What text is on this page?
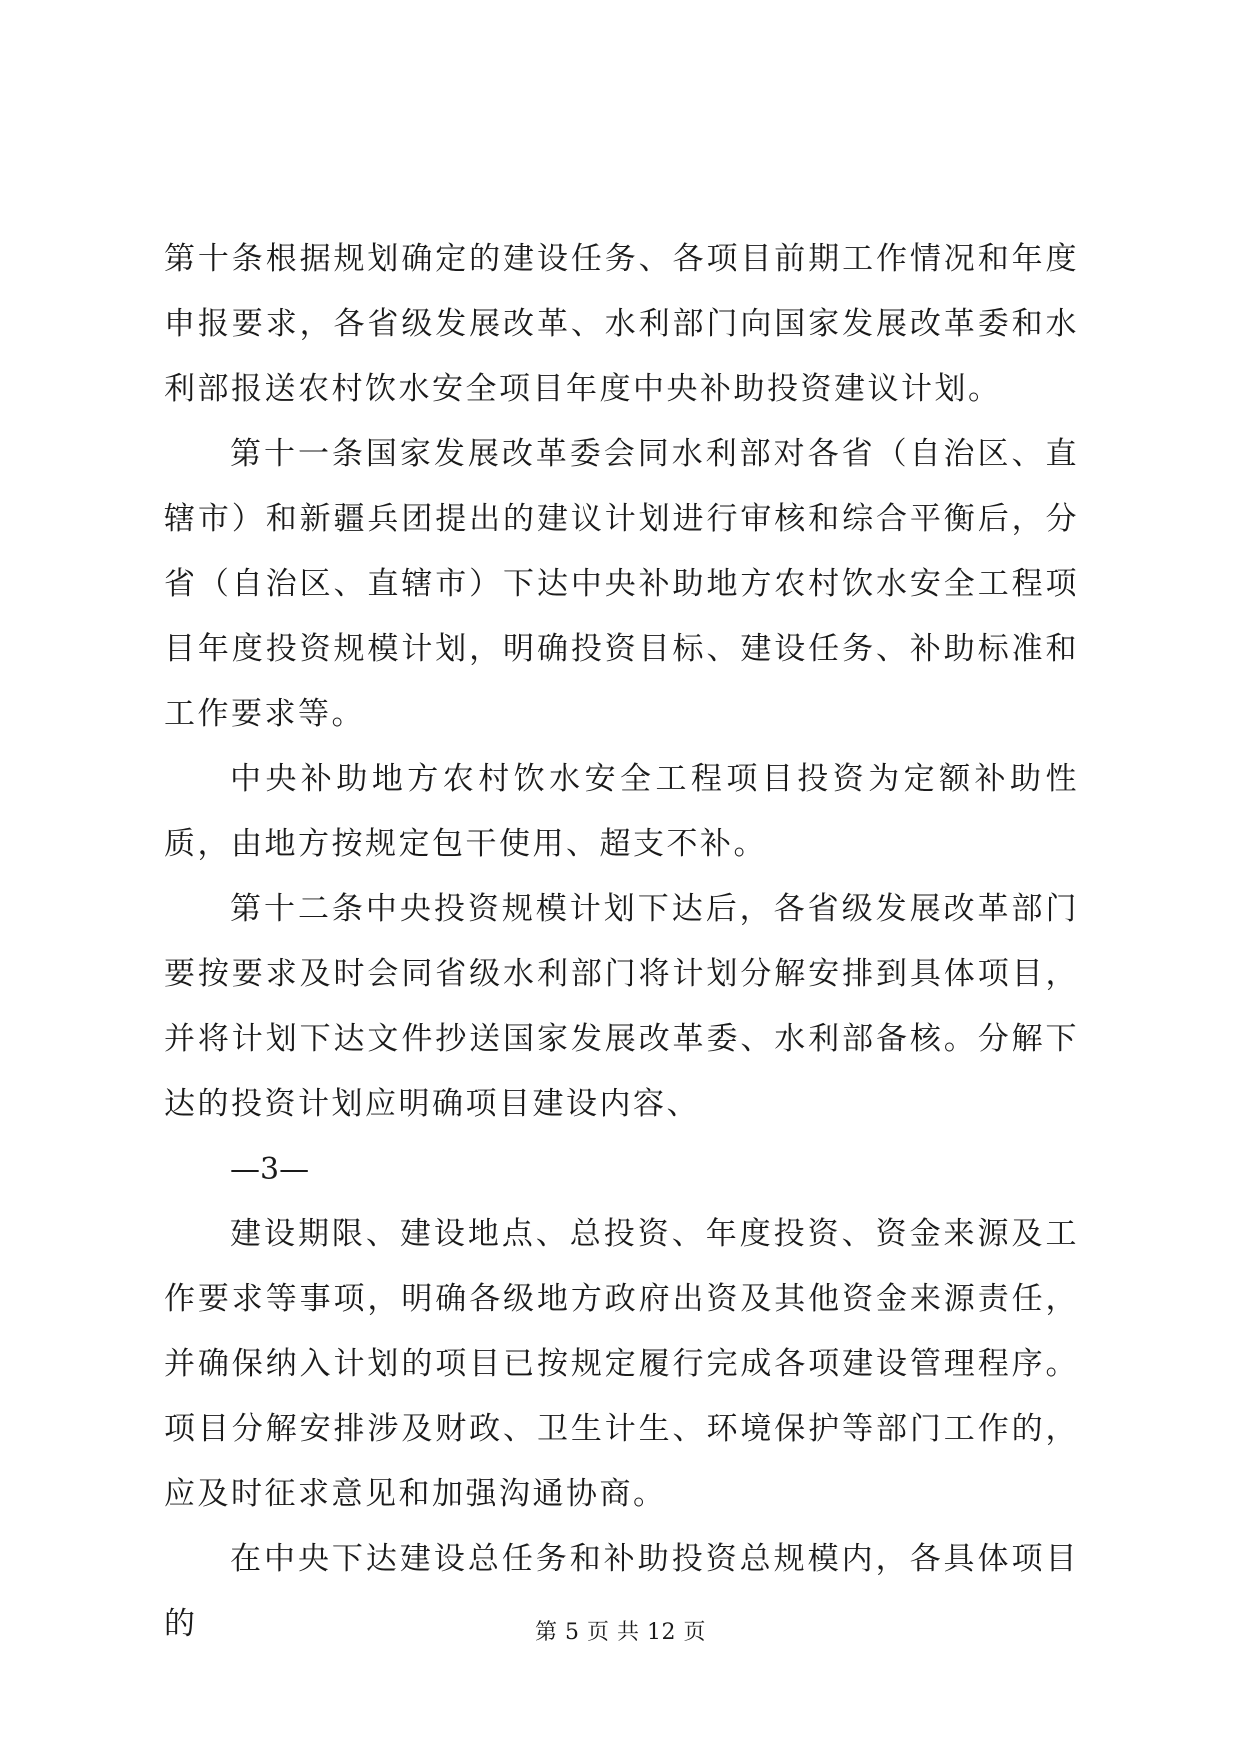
第十条根据规划确定的建设任务、各项目前期工作情况和年度申报要求，各省级发展改革、水利部门向国家发展改革委和水利部报送农村饮水安全项目年度中央补助投资建议计划。

第十一条国家发展改革委会同水利部对各省（自治区、直辖市）和新疆兵团提出的建议计划进行审核和综合平衡后，分省（自治区、直辖市）下达中央补助地方农村饮水安全工程项目年度投资规模计划，明确投资目标、建设任务、补助标准和工作要求等。

中央补助地方农村饮水安全工程项目投资为定额补助性质，由地方按规定包干使用、超支不补。

第十二条中央投资规模计划下达后，各省级发展改革部门要按要求及时会同省级水利部门将计划分解安排到具体项目，并将计划下达文件抄送国家发展改革委、水利部备核。分解下达的投资计划应明确项目建设内容、

—3—

建设期限、建设地点、总投资、年度投资、资金来源及工作要求等事项，明确各级地方政府出资及其他资金来源责任，并确保纳入计划的项目已按规定履行完成各项建设管理程序。项目分解安排涉及财政、卫生计生、环境保护等部门工作的，应及时征求意见和加强沟通协商。

在中央下达建设总任务和补助投资总规模内，各具体项目的	第 5 页 共 12 页
